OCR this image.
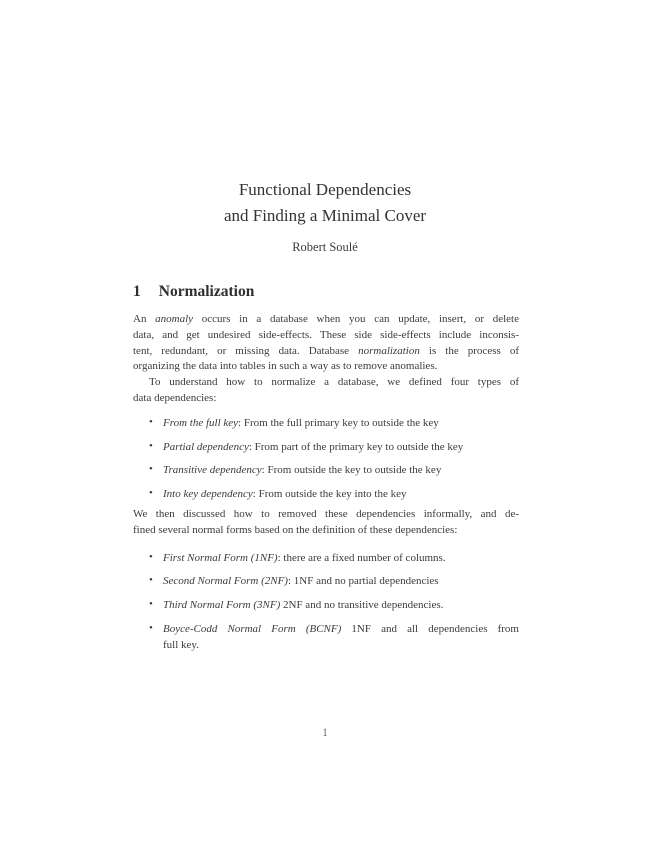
Functional Dependencies
and Finding a Minimal Cover
Robert Soulé
1 Normalization
An anomaly occurs in a database when you can update, insert, or delete
data, and get undesired side-effects. These side side-effects include inconsis-
tent, redundant, or missing data. Database normalization is the process of
organizing the data into tables in such a way as to remove anomalies.
To understand how to normalize a database, we defined four types of
data dependencies:
• From the full key: From the full primary key to outside the key
• Partial dependency: From part of the primary key to outside the key
• Transitive dependency: From outside the key to outside the key
• Into key dependency: From outside the key into the key
We then discussed how to removed these dependencies informally, and de-
fined several normal forms based on the definition of these dependencies:
• First Normal Form (1NF): there are a fixed number of columns.
• Second Normal Form (2NF): 1NF and no partial dependencies
• Third Normal Form (3NF) 2NF and no transitive dependencies.
• Boyce-Codd Normal Form (BCNF) 1NF and all dependencies from
full key.
1
